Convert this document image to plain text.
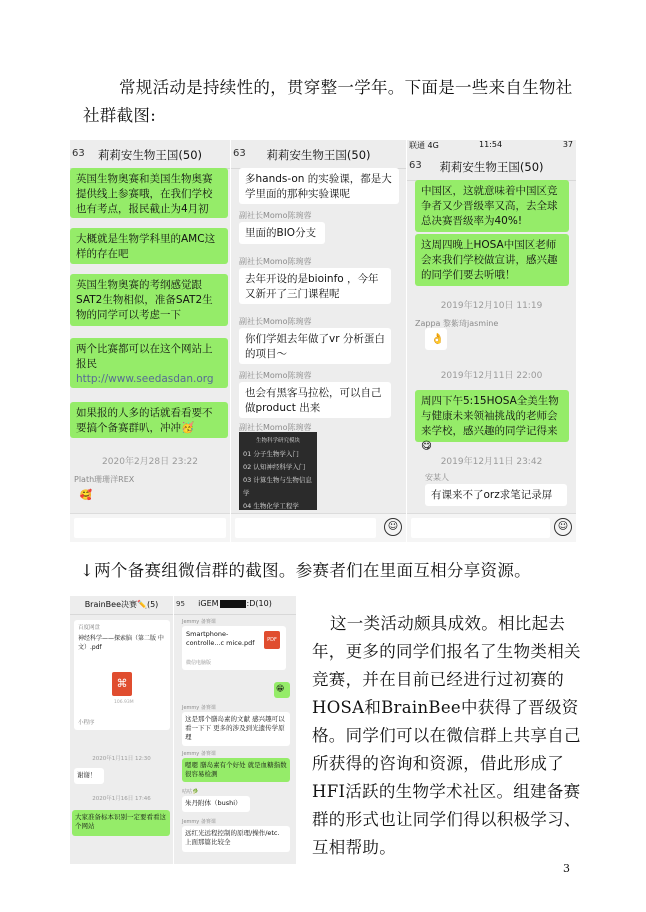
常规活动是持续性的，贯穿整一学年。下面是一些来自生物社社群截图:
63	莉莉安生物王国(50)
英国生物奥赛和美国生物奥赛提供线上参赛哦，在我们学校也有考点，报民截止为4月初
大概就是生物学科里的AMC这样的存在吧
英国生物奥赛的考纲感觉跟SAT2生物相似，准备SAT2生物的同学可以考虑一下
两个比赛都可以在这个网站上报民
http://www.seedasdan.org
如果报的人多的话就看看要不要搞个备赛群叭，冲冲🥳
2020年2月28日 23:22
Plath珊珊洋REX
🥰
63	莉莉安生物王国(50)
多hands-on 的实验课，都是大学里面的那种实验课呢
副社长Momo陈琬蓉
里面的BIO分支
副社长Momo陈琬蓉
去年开设的是bioinfo ，今年又新开了三门课程呢
副社长Momo陈琬蓉
你们学姐去年做了vr 分析蛋白的项目～
副社长Momo陈琬蓉
也会有黑客马拉松，可以自己做product 出来
副社长Momo陈琬蓉
生物科学研究模块
01 分子生物学入门
02 认知神经科学入门
03 计算生物与生物信息学
04 生物化学工程学
☺
联通 4G	11:54	37
63	莉莉安生物王国(50)
中国区，这就意味着中国区竞争者又少晋级率又高，去全球总决赛晋级率为40%!
这周四晚上HOSA中国区老师会来我们学校做宣讲，感兴趣的同学们要去听哦！
2019年12月10日 11:19
Zappa 黎紫琦jasmine
👌
2019年12月11日 22:00
周四下午5:15HOSA全美生物与健康未来领袖挑战的老师会来学校，感兴趣的同学记得来😋
2019年12月11日 23:42
安某人
有课来不了orz求笔记录屏
☺
↓两个备赛组微信群的截图。参赛者们在里面互相分享资源。
BrainBee决赛✏️(5)
百度网盘
神经科学——探索脑（第二版 中文）.pdf
⌘
106.93M
小程序
2020年1月11日 12:30
谢谢！
2020年1月16日 17:46
大家准备标本识别一定要看看这个网站
95	iGEM	:D(10)
Jemmy 备赛课
Smartphone-controlle...c mice.pdf	PDF
微信电脑版
😁
Jemmy 备赛课
这是那个膳岛素的文献 感兴趣可以看一下下 更多的涉及到光遗传学原理
Jemmy 备赛课
嗯嗯 膳岛素有个好处 就是血糖指数很容易检测
咕咕🥬
朱丹附体（bushi）
Jemmy 备赛课
远红光远程控制的原理/操作/etc. 上面那篇比较全
这一类活动颇具成效。相比起去年，更多的同学们报名了生物类相关竞赛，并在目前已经进行过初赛的HOSA和BrainBee中获得了晋级资格。同学们可以在微信群上共享自己所获得的咨询和资源，借此形成了HFI活跃的生物学术社区。组建备赛群的形式也让同学们得以积极学习、互相帮助。
3
